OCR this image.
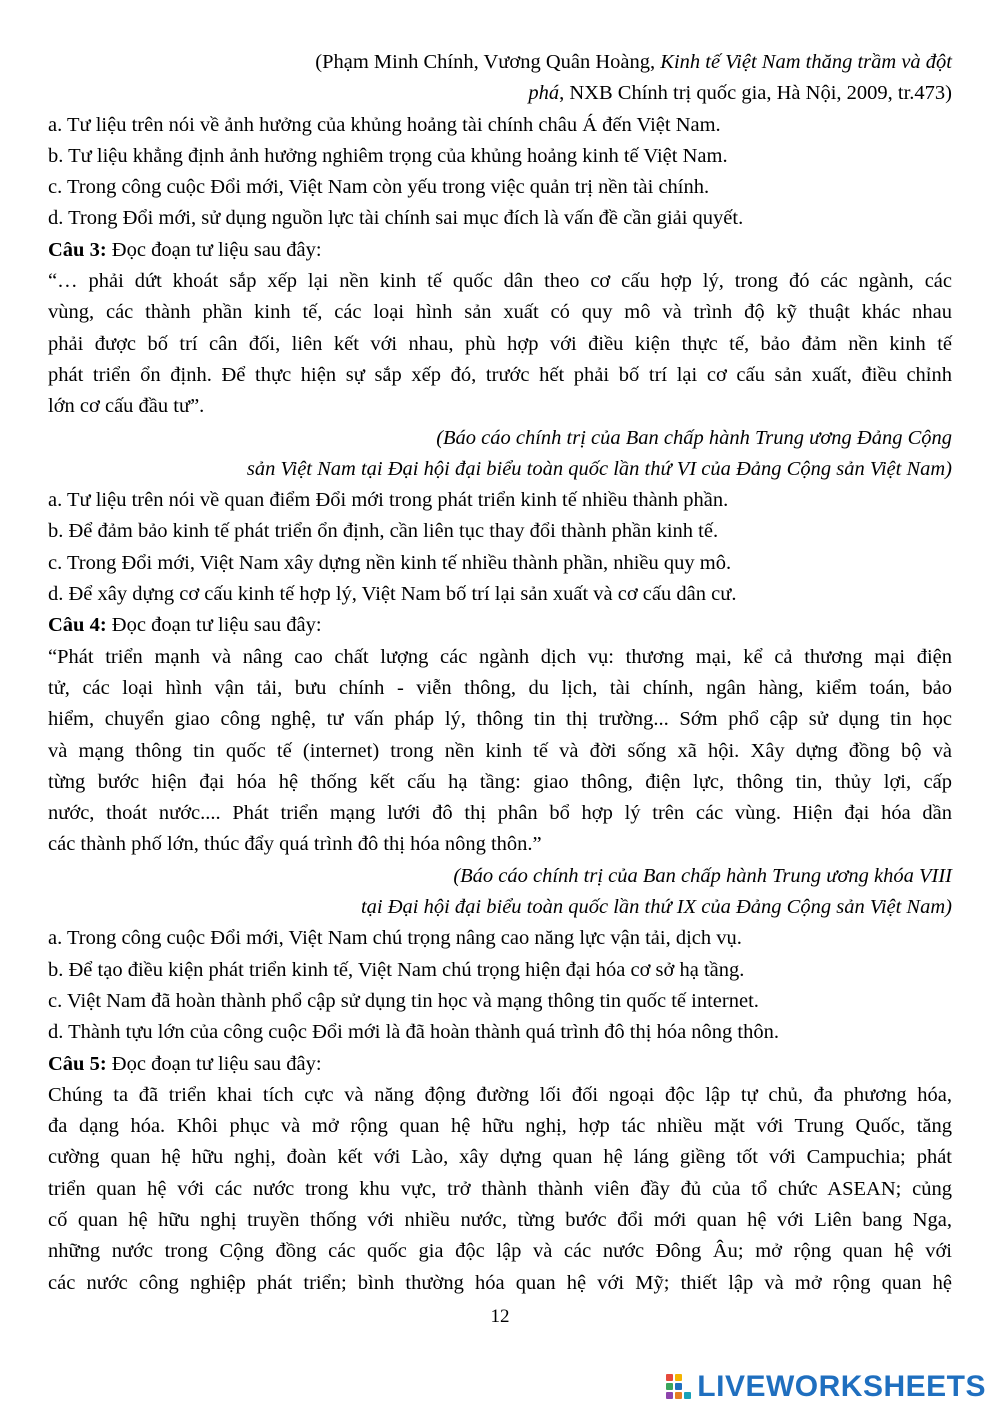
(Phạm Minh Chính, Vương Quân Hoàng, Kinh tế Việt Nam thăng trầm và đột
phá, NXB Chính trị quốc gia, Hà Nội, 2009, tr.473)
a. Tư liệu trên nói về ảnh hưởng của khủng hoảng tài chính châu Á đến Việt Nam.
b. Tư liệu khẳng định ảnh hưởng nghiêm trọng của khủng hoảng kinh tế Việt Nam.
c. Trong công cuộc Đổi mới, Việt Nam còn yếu trong việc quản trị nền tài chính.
d. Trong Đổi mới, sử dụng nguồn lực tài chính sai mục đích là vấn đề cần giải quyết.
Câu 3: Đọc đoạn tư liệu sau đây:
“… phải dứt khoát sắp xếp lại nền kinh tế quốc dân theo cơ cấu hợp lý, trong đó các ngành, các
vùng, các thành phần kinh tế, các loại hình sản xuất có quy mô và trình độ kỹ thuật khác nhau
phải được bố trí cân đối, liên kết với nhau, phù hợp với điều kiện thực tế, bảo đảm nền kinh tế
phát triển ổn định. Để thực hiện sự sắp xếp đó, trước hết phải bố trí lại cơ cấu sản xuất, điều chỉnh
lớn cơ cấu đầu tư”.
(Báo cáo chính trị của Ban chấp hành Trung ương Đảng Cộng
sản Việt Nam tại Đại hội đại biểu toàn quốc lần thứ VI của Đảng Cộng sản Việt Nam)
a. Tư liệu trên nói về quan điểm Đổi mới trong phát triển kinh tế nhiều thành phần.
b. Để đảm bảo kinh tế phát triển ổn định, cần liên tục thay đổi thành phần kinh tế.
c. Trong Đổi mới, Việt Nam xây dựng nền kinh tế nhiều thành phần, nhiều quy mô.
d. Để xây dựng cơ cấu kinh tế hợp lý, Việt Nam bố trí lại sản xuất và cơ cấu dân cư.
Câu 4: Đọc đoạn tư liệu sau đây:
“Phát triển mạnh và nâng cao chất lượng các ngành dịch vụ: thương mại, kể cả thương mại điện
tử, các loại hình vận tải, bưu chính - viễn thông, du lịch, tài chính, ngân hàng, kiểm toán, bảo
hiểm, chuyển giao công nghệ, tư vấn pháp lý, thông tin thị trường... Sớm phổ cập sử dụng tin học
và mạng thông tin quốc tế (internet) trong nền kinh tế và đời sống xã hội. Xây dựng đồng bộ và
từng bước hiện đại hóa hệ thống kết cấu hạ tầng: giao thông, điện lực, thông tin, thủy lợi, cấp
nước, thoát nước.... Phát triển mạng lưới đô thị phân bổ hợp lý trên các vùng. Hiện đại hóa dần
các thành phố lớn, thúc đẩy quá trình đô thị hóa nông thôn.”
(Báo cáo chính trị của Ban chấp hành Trung ương khóa VIII
tại Đại hội đại biểu toàn quốc lần thứ IX của Đảng Cộng sản Việt Nam)
a. Trong công cuộc Đổi mới, Việt Nam chú trọng nâng cao năng lực vận tải, dịch vụ.
b. Để tạo điều kiện phát triển kinh tế, Việt Nam chú trọng hiện đại hóa cơ sở hạ tầng.
c. Việt Nam đã hoàn thành phổ cập sử dụng tin học và mạng thông tin quốc tế internet.
d. Thành tựu lớn của công cuộc Đổi mới là đã hoàn thành quá trình đô thị hóa nông thôn.
Câu 5: Đọc đoạn tư liệu sau đây:
Chúng ta đã triển khai tích cực và năng động đường lối đối ngoại độc lập tự chủ, đa phương hóa,
đa dạng hóa. Khôi phục và mở rộng quan hệ hữu nghị, hợp tác nhiều mặt với Trung Quốc, tăng
cường quan hệ hữu nghị, đoàn kết với Lào, xây dựng quan hệ láng giềng tốt với Campuchia; phát
triển quan hệ với các nước trong khu vực, trở thành thành viên đầy đủ của tổ chức ASEAN; củng
cố quan hệ hữu nghị truyền thống với nhiều nước, từng bước đổi mới quan hệ với Liên bang Nga,
những nước trong Cộng đồng các quốc gia độc lập và các nước Đông Âu; mở rộng quan hệ với
các nước công nghiệp phát triển; bình thường hóa quan hệ với Mỹ; thiết lập và mở rộng quan hệ
12
LIVEWORKSHEETS
